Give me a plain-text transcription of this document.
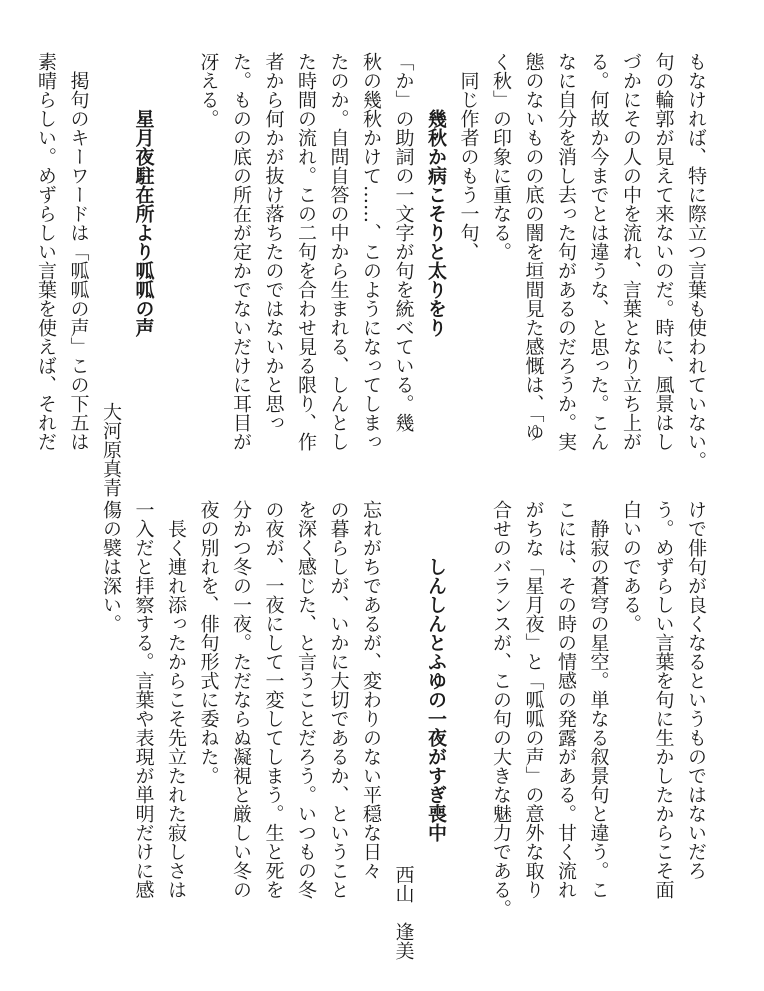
もなければ、特に際立つ言葉も使われていない。
句の輪郭が見えて来ないのだ。時に、風景はし
づかにその人の中を流れ、言葉となり立ち上が
る。何故か今までとは違うな、と思った。こん
なに自分を消し去った句があるのだろうか。実
態のないものの底の闇を垣間見た感慨は、「ゆ
く秋」の印象に重なる。
同じ作者のもう一句、
幾秋か病こそりと太りをり
「か」の助詞の一文字が句を統べている。幾
秋の幾秋かけて……、このようになってしまっ
たのか。自問自答の中から生まれる、しんとし
た時間の流れ。この二句を合わせ見る限り、作
者から何かが抜け落ちたのではないかと思っ
た。ものの底の所在が定かでないだけに耳目が
冴える。
星月夜駐在所より呱呱の声
大河原真青
掲句のキーワードは「呱呱の声」この下五は
素晴らしい。めずらしい言葉を使えば、それだ
けで俳句が良くなるというものではないだろ
う。めずらしい言葉を句に生かしたからこそ面
白いのである。
静寂の蒼穹の星空。単なる叙景句と違う。こ
こには、その時の情感の発露がある。甘く流れ
がちな「星月夜」と「呱呱の声」の意外な取り
合せのバランスが、この句の大きな魅力である。
しんしんとふゆの一夜がすぎ喪中
西山　逢美
忘れがちであるが、変わりのない平穏な日々
の暮らしが、いかに大切であるか、ということ
を深く感じた、と言うことだろう。いつもの冬
の夜が、一夜にして一変してしまう。生と死を
分かつ冬の一夜。ただならぬ凝視と厳しい冬の
夜の別れを、俳句形式に委ねた。
長く連れ添ったからこそ先立たれた寂しさは
一入だと拝察する。言葉や表現が単明だけに感
傷の襞は深い。
